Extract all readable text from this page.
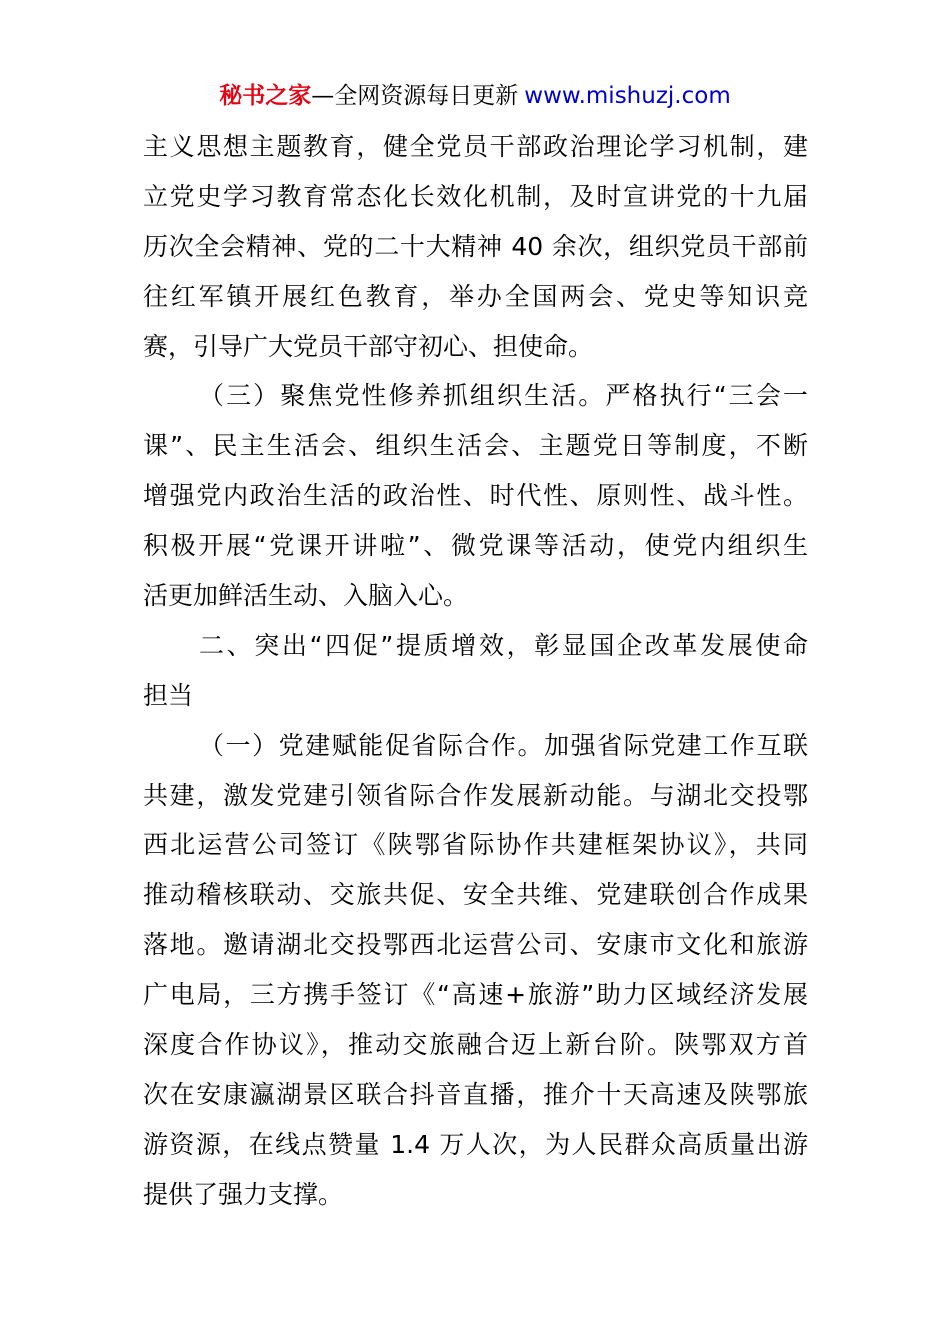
秘书之家—全网资源每日更新 www.mishuzj.com
主义思想主题教育，健全党员干部政治理论学习机制，建
立党史学习教育常态化长效化机制，及时宣讲党的十九届
历次全会精神、党的二十大精神 40 余次，组织党员干部前
往红军镇开展红色教育，举办全国两会、党史等知识竞
赛，引导广大党员干部守初心、担使命。
（三）聚焦党性修养抓组织生活。严格执行“三会一
课”、民主生活会、组织生活会、主题党日等制度，不断
增强党内政治生活的政治性、时代性、原则性、战斗性。
积极开展“党课开讲啦”、微党课等活动，使党内组织生
活更加鲜活生动、入脑入心。
二、突出“四促”提质增效，彰显国企改革发展使命
担当
（一）党建赋能促省际合作。加强省际党建工作互联
共建，激发党建引领省际合作发展新动能。与湖北交投鄂
西北运营公司签订《陕鄂省际协作共建框架协议》，共同
推动稽核联动、交旅共促、安全共维、党建联创合作成果
落地。邀请湖北交投鄂西北运营公司、安康市文化和旅游
广电局，三方携手签订《“高速+旅游”助力区域经济发展
深度合作协议》，推动交旅融合迈上新台阶。陕鄂双方首
次在安康瀛湖景区联合抖音直播，推介十天高速及陕鄂旅
游资源，在线点赞量 1.4 万人次，为人民群众高质量出游
提供了强力支撑。
